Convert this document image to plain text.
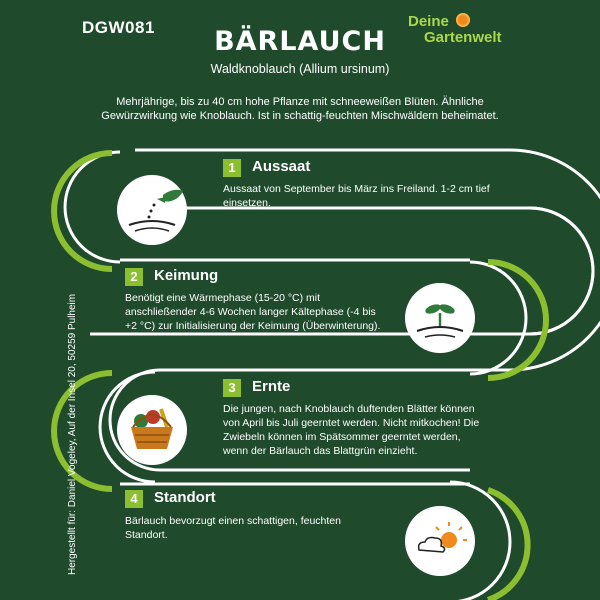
DGW081	Deine
Gartenwelt
BÄRLAUCH
Waldknoblauch (Allium ursinum)
Mehrjährige, bis zu 40 cm hohe Pflanze mit schneeweißen Blüten. Ähnliche Gewürzwirkung wie Knoblauch. Ist in schattig-feuchten Mischwäldern beheimatet.
Hergestellt für: Daniel Vogeley, Auf der Insel 20, 50259 Pulheim
1	Aussaat
Aussaat von September bis März ins Freiland. 1-2 cm tief einsetzen.
2	Keimung
Benötigt eine Wärmephase (15-20 °C) mit anschließender 4-6 Wochen langer Kältephase (-4 bis +2 °C) zur Initialisierung der Keimung (Überwinterung).
3	Ernte
Die jungen, nach Knoblauch duftenden Blätter können von April bis Juli geerntet werden. Nicht mitkochen! Die Zwiebeln können im Spätsommer geerntet werden, wenn der Bärlauch das Blattgrün einzieht.
4	Standort
Bärlauch bevorzugt einen schattigen, feuchten Standort.
